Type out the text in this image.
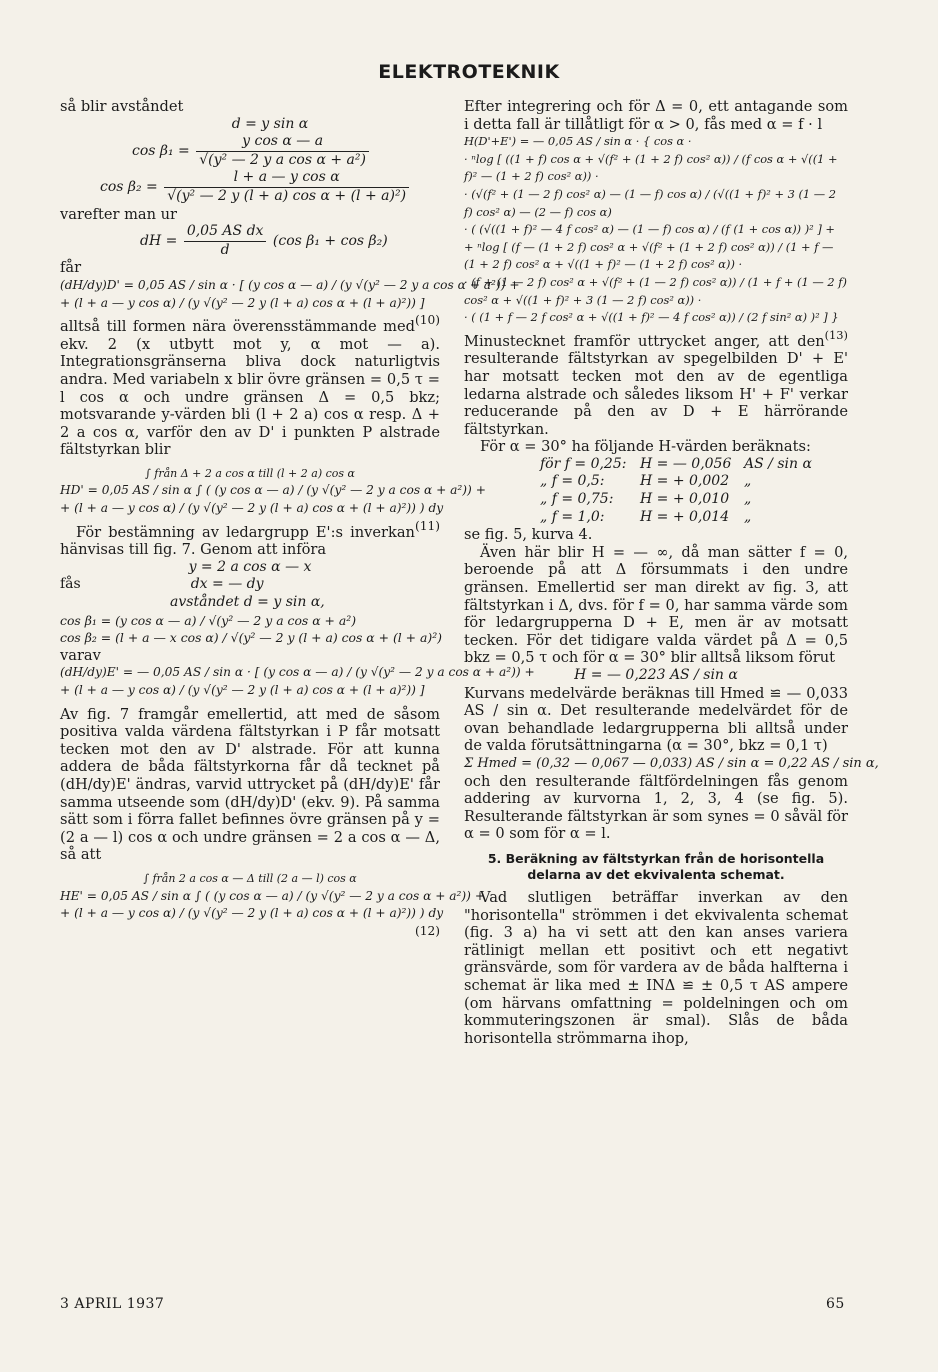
ELEKTROTEKNIK

så blir avståndet

d = y sin α
$\cos \beta_1 = \frac{\text{y cos α — a}}{\text{√(y² — 2 y a cos α + a²)}}$
$\cos \beta_2 = \frac{\text{l + a — y cos α}}{\text{√(y² — 2 y (l + a) cos α + (l + a)²)}}$

varefter man ur

dH = $\frac{\text{0,05 AS dx}}{d} (\cos$ β₁ + cos β₂)

får

(dH/dy)D' = 0,05 AS / sin α · [ (y cos α — a) / (y √(y² — 2 y a cos α + a²)) +
+ (l + a — y cos α) / (y √(y² — 2 y (l + a) cos α + (l + a)²)) ]
(10)

alltså till formen nära överensstämmande med ekv. 2 (x utbytt mot y, α mot — a). Integrationsgränserna bliva dock naturligtvis andra. Med variabeln x blir övre gränsen = 0,5 τ = l cos α och undre gränsen Δ = 0,5 bkz; motsvarande y-värden bli (l + 2 a) cos α resp. Δ + 2 a cos α, varför den av D' i punkten P alstrade fältstyrkan blir

∫ från Δ + 2 a cos α till (l + 2 a) cos α
HD' = 0,05 AS / sin α ∫ ( (y cos α — a) / (y √(y² — 2 y a cos α + a²)) +
+ (l + a — y cos α) / (y √(y² — 2 y (l + a) cos α + (l + a)²)) ) dy
(11)

För bestämning av ledargrupp E':s inverkan hänvisas till fig. 7. Genom att införa

y = 2 a cos α — x
fås	dx = — dy
avståndet d = y sin α,
cos β₁ = (y cos α — a) / √(y² — 2 y a cos α + a²)
cos β₂ = (l + a — x cos α) / √(y² — 2 y (l + a) cos α + (l + a)²)

varav

(dH/dy)E' = — 0,05 AS / sin α · [ (y cos α — a) / (y √(y² — 2 y a cos α + a²)) +
+ (l + a — y cos α) / (y √(y² — 2 y (l + a) cos α + (l + a)²)) ]

Av fig. 7 framgår emellertid, att med de såsom positiva valda värdena fältstyrkan i P får motsatt tecken mot den av D' alstrade. För att kunna addera de båda fältstyrkorna får då tecknet på (dH/dy)E' ändras, varvid uttrycket på (dH/dy)E' får samma utseende som (dH/dy)D' (ekv. 9). På samma sätt som i förra fallet befinnes övre gränsen på y = (2 a — l) cos α och undre gränsen = 2 a cos α — Δ, så att

∫ från 2 a cos α — Δ till (2 a — l) cos α
HE' = 0,05 AS / sin α ∫ ( (y cos α — a) / (y √(y² — 2 y a cos α + a²)) +
+ (l + a — y cos α) / (y √(y² — 2 y (l + a) cos α + (l + a)²)) ) dy
(12)

Efter integrering och för Δ = 0, ett antagande som i detta fall är tillåtligt för α > 0, fås med α = f · l

H(D'+E') = — 0,05 AS / sin α · { cos α ·
· ⁿlog [ ((1 + f) cos α + √(f² + (1 + 2 f) cos² α)) / (f cos α + √((1 + f)² — (1 + 2 f) cos² α)) ·
· (√(f² + (1 — 2 f) cos² α) — (1 — f) cos α) / (√((1 + f)² + 3 (1 — 2 f) cos² α) — (2 — f) cos α)
· ( (√((1 + f)² — 4 f cos² α) — (1 — f) cos α) / (f (1 + cos α)) )² ] +
+ ⁿlog [ (f — (1 + 2 f) cos² α + √(f² + (1 + 2 f) cos² α)) / (1 + f — (1 + 2 f) cos² α + √((1 + f)² — (1 + 2 f) cos² α)) ·
· (f + (1 — 2 f) cos² α + √(f² + (1 — 2 f) cos² α)) / (1 + f + (1 — 2 f) cos² α + √((1 + f)² + 3 (1 — 2 f) cos² α)) ·
· ( (1 + f — 2 f cos² α + √((1 + f)² — 4 f cos² α)) / (2 f sin² α) )² ] }
(13)

Minustecknet framför uttrycket anger, att den resulterande fältstyrkan av spegelbilden D' + E' har motsatt tecken mot den av de egentliga ledarna alstrade och således liksom H' + F' verkar reducerande på den av D + E härrörande fältstyrkan.

För α = 30° ha följande H-värden beräknats:

för f = 0,25: H = — 0,056 AS / sin α
„ f = 0,5:	H = + 0,002 „
„ f = 0,75: H = + 0,010 „
„ f = 1,0:	H = + 0,014 „

se fig. 5, kurva 4.

Även här blir H = — ∞, då man sätter f = 0, beroende på att Δ försummats i den undre gränsen. Emellertid ser man direkt av fig. 3, att fältstyrkan i Δ, dvs. för f = 0, har samma värde som för ledargrupperna D + E, men är av motsatt tecken. För det tidigare valda värdet på Δ = 0,5 bkz = 0,5 τ och för α = 30° blir alltså liksom förut

H = — 0,223 AS / sin α

Kurvans medelvärde beräknas till Hmed ≌ — 0,033 AS / sin α. Det resulterande medelvärdet för de ovan behandlade ledargrupperna bli alltså under de valda förutsättningarna (α = 30°, bkz = 0,1 τ)

Σ Hmed = (0,32 — 0,067 — 0,033) AS / sin α = 0,22 AS / sin α,

och den resulterande fältfördelningen fås genom addering av kurvorna 1, 2, 3, 4 (se fig. 5). Resulterande fältstyrkan är som synes = 0 såväl för α = 0 som för α = l.

5. Beräkning av fältstyrkan från de horisontella delarna av det ekvivalenta schemat.

Vad slutligen beträffar inverkan av den "horisontella" strömmen i det ekvivalenta schemat (fig. 3 a) ha vi sett att den kan anses variera rätlinigt mellan ett positivt och ett negativt gränsvärde, som för vardera av de båda halfterna i schemat är lika med ± INΔ ≌ ± 0,5 τ AS ampere (om härvans omfattning = poldelningen och om kommuteringszonen är smal). Slås de båda horisontella strömmarna ihop,

3 APRIL 1937	65
